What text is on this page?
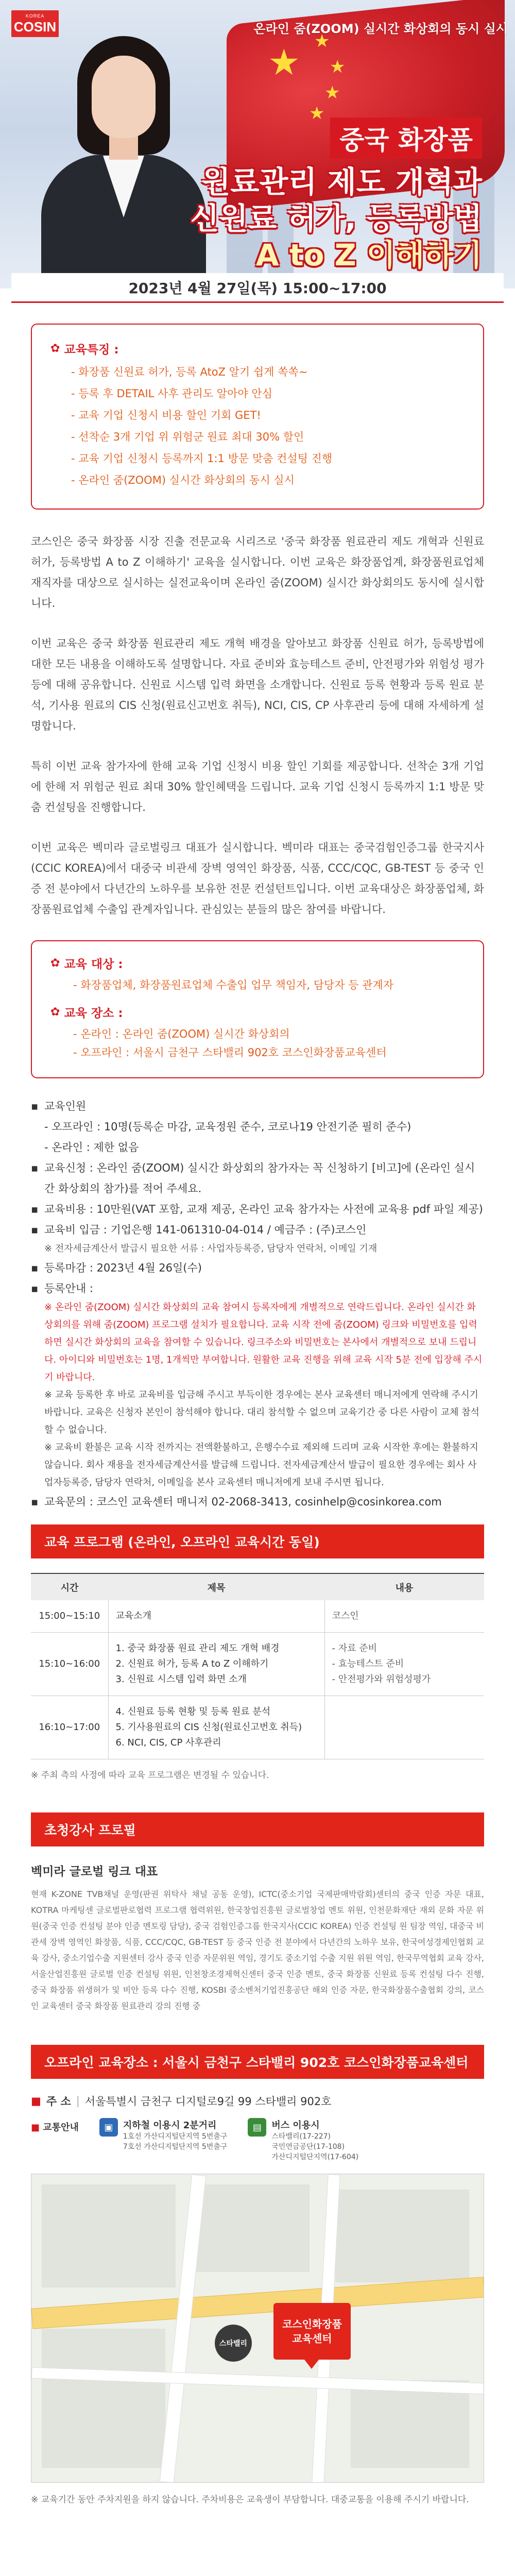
★ ★
★
★
★
KOREA
COSIN	온라인 줌(ZOOM) 실시간 화상회의 동시 실시
중국 화장품
원료관리 제도 개혁과
신원료 허가, 등록방법
A to Z 이해하기
2023년 4월 27일(목) 15:00~17:00
✿ 교육특징 :
- 화장품 신원료 허가, 등록 AtoZ 알기 쉽게 쏙쏙~
- 등록 후 DETAIL 사후 관리도 알아야 안심
- 교육 기업 신청시 비용 할인 기회 GET!
- 선착순 3개 기업 위 위험군 원료 최대 30% 할인
- 교육 기업 신청시 등록까지 1:1 방문 맞춤 컨설팅 진행
- 온라인 줌(ZOOM) 실시간 화상회의 동시 실시

코스인은 중국 화장품 시장 진출 전문교육 시리즈로 '중국 화장품 원료관리 제도 개혁과 신원료 허가, 등록방법 A to Z 이해하기' 교육을 실시합니다. 이번 교육은 화장품업계, 화장품원료업체 재직자를 대상으로 실시하는 실전교육이며 온라인 줌(ZOOM) 실시간 화상회의도 동시에 실시합니다.

이번 교육은 중국 화장품 원료관리 제도 개혁 배경을 알아보고 화장품 신원료 허가, 등록방법에 대한 모든 내용을 이해하도록 설명합니다. 자료 준비와 효능테스트 준비, 안전평가와 위험성 평가 등에 대해 공유합니다. 신원료 시스템 입력 화면을 소개합니다. 신원료 등록 현황과 등록 원료 분석, 기사용 원료의 CIS 신청(원료신고번호 취득), NCI, CIS, CP 사후관리 등에 대해 자세하게 설명합니다.

특히 이번 교육 참가자에 한해 교육 기업 신청시 비용 할인 기회를 제공합니다. 선착순 3개 기업에 한해 저 위험군 원료 최대 30% 할인혜택을 드립니다. 교육 기업 신청시 등록까지 1:1 방문 맞춤 컨설팅을 진행합니다.

이번 교육은 벡미라 글로벌링크 대표가 실시합니다. 벡미라 대표는 중국검험인증그룹 한국지사(CCIC KOREA)에서 대중국 비관세 장벽 영역인 화장품, 식품, CCC/CQC, GB-TEST 등 중국 인증 전 분야에서 다년간의 노하우를 보유한 전문 컨설턴트입니다. 이번 교육대상은 화장품업체, 화장품원료업체 수출입 관계자입니다. 관심있는 분들의 많은 참여를 바랍니다.

✿ 교육 대상 :
- 화장품업체, 화장품원료업체 수출입 업무 책임자, 담당자 등 관계자
✿ 교육 장소 :
- 온라인 : 온라인 줌(ZOOM) 실시간 화상회의
- 오프라인 : 서울시 금천구 스타밸리 902호 코스인화장품교육센터
▪ 교육인원
- 오프라인 : 10명(등록순 마감, 교육정원 준수, 코로나19 안전기준 필히 준수)
- 온라인 : 제한 없음
▪ 교육신청 : 온라인 줌(ZOOM) 실시간 화상회의 참가자는 꼭 신청하기 [비고]에 (온라인 실시간 화상회의 참가)를 적어 주세요.
▪ 교육비용 : 10만원(VAT 포함, 교재 제공, 온라인 교육 참가자는 사전에 교육용 pdf 파일 제공)
▪ 교육비 입금 : 기업은행 141-061310-04-014 / 예금주 : (주)코스인
※ 전자세금계산서 발급시 필요한 서류 : 사업자등록증, 담당자 연락처, 이메일 기재
▪ 등록마감 : 2023년 4월 26일(수)
▪ 등록안내 :
※ 온라인 줌(ZOOM) 실시간 화상회의 교육 참여시 등록자에게 개별적으로 연락드립니다. 온라인 실시간 화상회의를 위해 줌(ZOOM) 프로그램 설치가 필요합니다. 교육 시작 전에 줌(ZOOM) 링크와 비밀번호를 입력하면 실시간 화상회의 교육을 참여할 수 있습니다. 링크주소와 비밀번호는 본사에서 개별적으로 보내 드립니다. 아이디와 비밀번호는 1명, 1개씩만 부여합니다. 원활한 교육 진행을 위해 교육 시작 5분 전에 입장해 주시기 바랍니다.
※ 교육 등록한 후 바로 교육비를 입금해 주시고 부득이한 경우에는 본사 교육센터 매니저에게 연락해 주시기 바랍니다. 교육은 신청자 본인이 참석해야 합니다. 대리 참석할 수 없으며 교육기간 중 다른 사람이 교체 참석할 수 없습니다.
※ 교육비 환불은 교육 시작 전까지는 전액환불하고, 은행수수료 제외해 드리며 교육 시작한 후에는 환불하지 않습니다. 회사 재용을 전자세금계산서를 발급해 드립니다. 전자세금계산서 발급이 필요한 경우에는 회사 사업자등록증, 담당자 연락처, 이메일을 본사 교육센터 매니저에게 보내 주시면 됩니다.
▪ 교육문의 : 코스인 교육센터 매니저 02-2068-3413, cosinhelp@cosinkorea.com
교육 프로그램 (온라인, 오프라인 교육시간 동일)
시간	제목	내용
15:00~15:10	교육소개	코스인
15:10~16:00	1. 중국 화장품 원료 관리 제도 개혁 배경
2. 신원료 허가, 등록 A to Z 이해하기
3. 신원료 시스템 입력 화면 소개	- 자료 준비
- 효능테스트 준비
- 안전평가와 위험성평가
16:10~17:00	4. 신원료 등록 현황 및 등록 원료 분석
5. 기사용원료의 CIS 신청(원료신고번호 취득)
6. NCI, CIS, CP 사후관리	
※ 주최 측의 사정에 따라 교육 프로그램은 변경될 수 있습니다.
초청강사 프로필
벡미라 글로벌 링크 대표
현재 K-ZONE TVB채널 운영(판권 위탁사 채널 공동 운영), ICTC(중소기업 국제판매박람회)센터의 중국 인증 자문 대표, KOTRA 마케팅센 글로벌판로협력 프로그램 협력위원, 한국창업진흥원 글로벌창업 멘토 위원, 인천문화재단 재외 문화 자문 위원(중국 인증 컨설팅 분야 인증 멘토링 담당), 중국 검험인증그룹 한국지사(CCIC KOREA) 인증 컨설팅 원 팀장 역임, 대중국 비관세 장벽 영역인 화장품, 식품, CCC/CQC, GB-TEST 등 중국 인증 전 분야에서 다년간의 노하우 보유, 한국여성경제인협회 교육 강사, 중소기업수출 지원센터 강사 중국 인증 자문위원 역임, 경기도 중소기업 수출 지원 위원 역임, 한국무역협회 교육 강사, 서울산업진흥원 글로벌 인증 컨설팅 위원, 인천창조경제혁신센터 중국 인증 멘토, 중국 화장품 신원료 등록 컨설팅 다수 진행, 중국 화장품 위생허가 및 비안 등록 다수 진행, KOSBI 중소벤처기업진흥공단 해외 인증 자문, 한국화장품수출협회 강의, 코스인 교육센터 중국 화장품 원료관리 강의 진행 중
오프라인 교육장소 : 서울시 금천구 스타밸리 902호 코스인화장품교육센터
■ 주 소 | 서울특별시 금천구 디지털로9길 99 스타밸리 902호
■ 교통안내	▣	지하철 이용시 2분거리
1호선 가산디지털단지역 5번출구
7호선 가산디지털단지역 5번출구
▤	버스 이용시
스타밸리(17-227)
국민연금공단(17-108)
가산디지털단지역(17-604)
스타밸리
코스인화장품
교육센터
※ 교육기간 동안 주차지원을 하지 않습니다. 주차비용은 교육생이 부담합니다. 대중교통을 이용해 주시기 바랍니다.
